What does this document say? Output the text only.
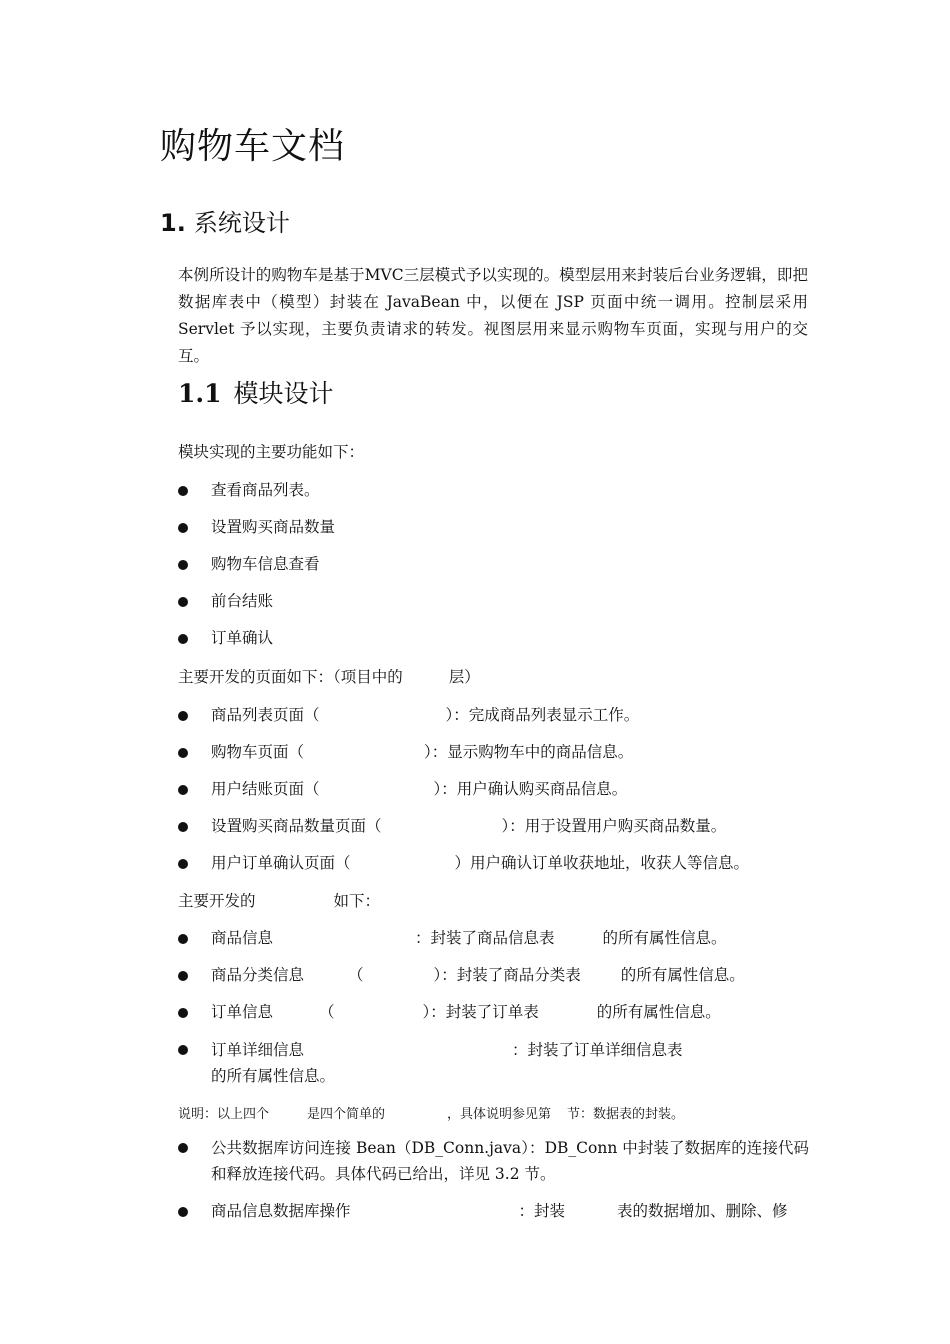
购物车文档
1. 系统设计

本例所设计的购物车是基于MVC三层模式予以实现的。模型层用来封装后台业务逻辑，即把数据库表中（模型）封装在 JavaBean 中，以便在 JSP 页面中统一调用。控制层采用 Servlet 予以实现，主要负责请求的转发。视图层用来显示购物车页面，实现与用户的交互。

1.1 模块设计

模块实现的主要功能如下：

查看商品列表。
设置购买商品数量
购物车信息查看
前台结账
订单确认

主要开发的页面如下：（项目中的	层）

商品列表页面（	）：完成商品列表显示工作。
购物车页面（	）：显示购物车中的商品信息。
用户结账页面（	）：用户确认购买商品信息。
设置购买商品数量页面（	）：用于设置用户购买商品数量。
用户订单确认页面（	）用户确认订单收获地址，收获人等信息。

主要开发的	如下：

商品信息	：封装了商品信息表	的所有属性信息。
商品分类信息	（	）：封装了商品分类表	的所有属性信息。
订单信息	（	）：封装了订单表	的所有属性信息。
订单详细信息	：封装了订单详细信息表
的所有属性信息。

说明：以上四个	是四个简单的	，具体说明参见第 节：数据表的封装。

公共数据库访问连接 Bean（DB_Conn.java）：DB_Conn 中封装了数据库的连接代码和释放连接代码。具体代码已给出，详见 3.2 节。
商品信息数据库操作	：封装	表的数据增加、删除、修
